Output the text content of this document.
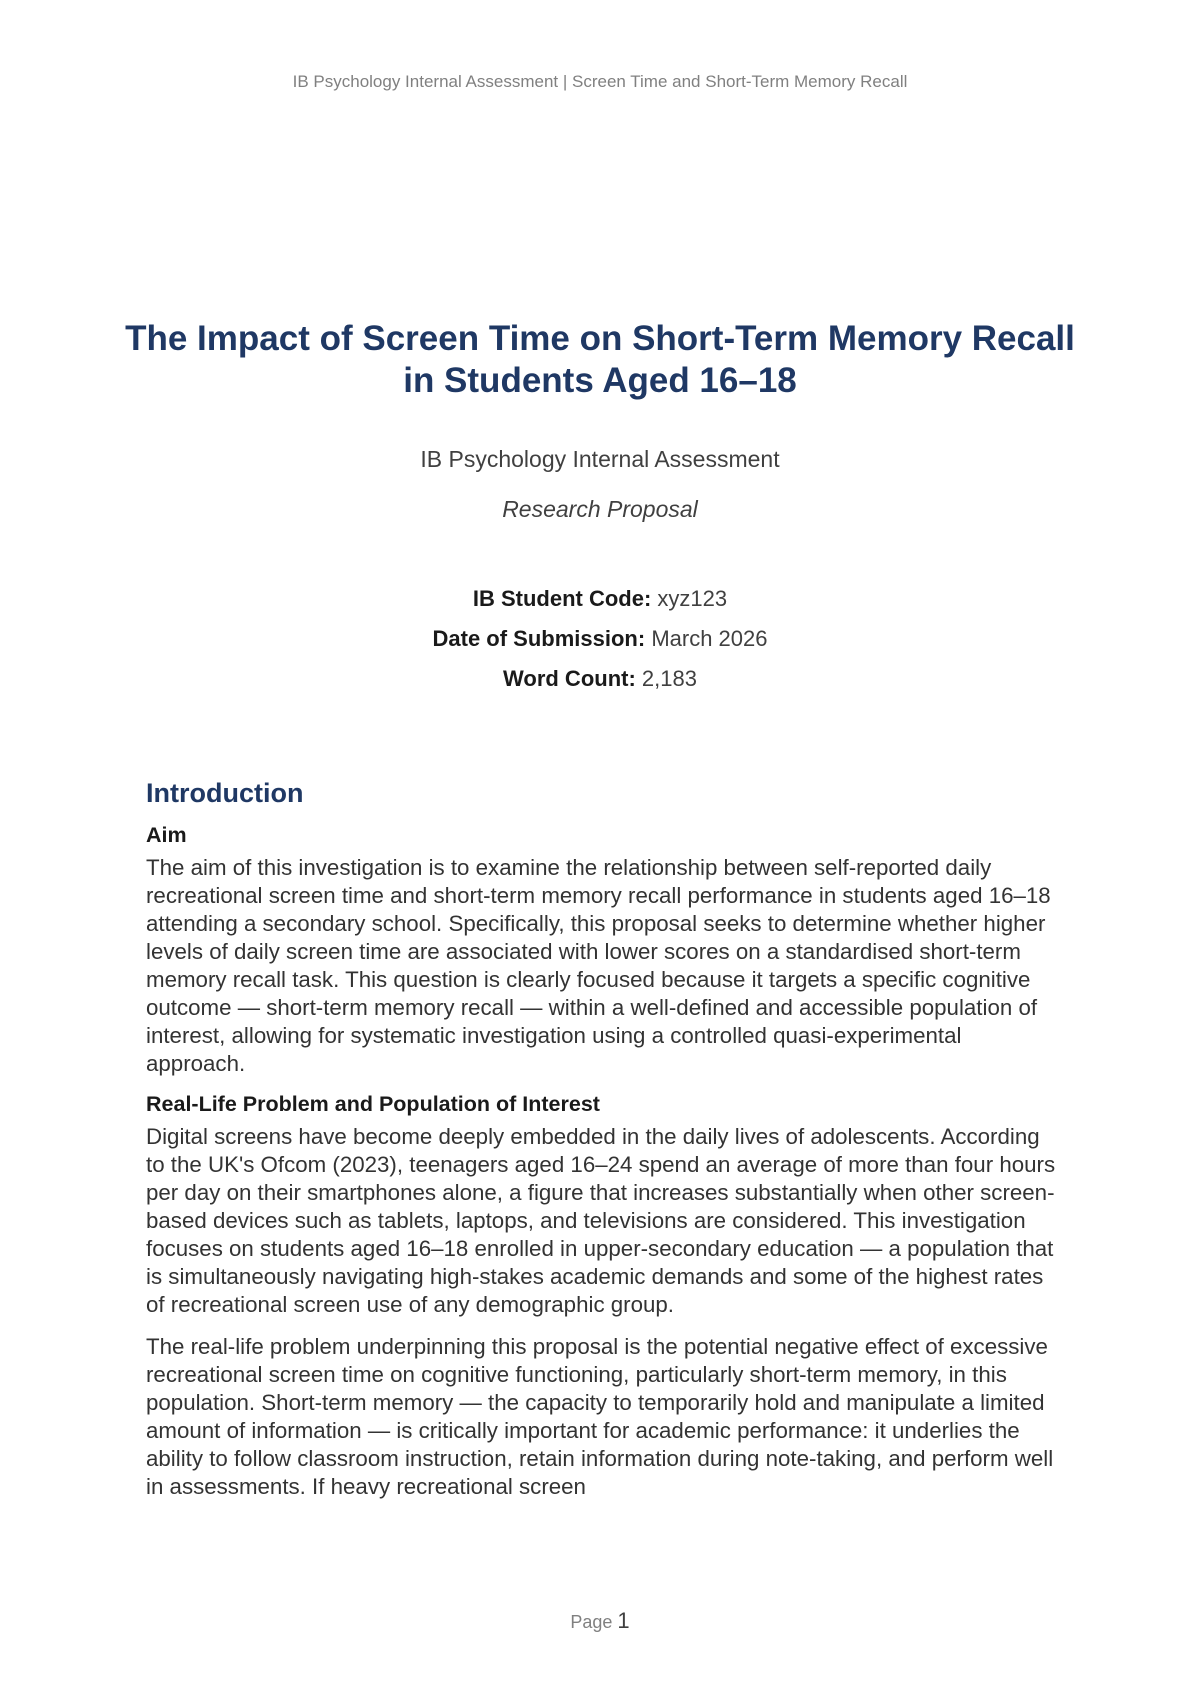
IB Psychology Internal Assessment | Screen Time and Short-Term Memory Recall
The Impact of Screen Time on Short-Term Memory Recall in Students Aged 16–18
IB Psychology Internal Assessment
Research Proposal
IB Student Code: xyz123
Date of Submission: March 2026
Word Count: 2,183
Introduction
Aim

The aim of this investigation is to examine the relationship between self-reported daily recreational screen time and short-term memory recall performance in students aged 16–18 attending a secondary school. Specifically, this proposal seeks to determine whether higher levels of daily screen time are associated with lower scores on a standardised short-term memory recall task. This question is clearly focused because it targets a specific cognitive outcome — short-term memory recall — within a well-defined and accessible population of interest, allowing for systematic investigation using a controlled quasi-experimental approach.

Real-Life Problem and Population of Interest

Digital screens have become deeply embedded in the daily lives of adolescents. According to the UK's Ofcom (2023), teenagers aged 16–24 spend an average of more than four hours per day on their smartphones alone, a figure that increases substantially when other screen-based devices such as tablets, laptops, and televisions are considered. This investigation focuses on students aged 16–18 enrolled in upper-secondary education — a population that is simultaneously navigating high-stakes academic demands and some of the highest rates of recreational screen use of any demographic group.

The real-life problem underpinning this proposal is the potential negative effect of excessive recreational screen time on cognitive functioning, particularly short-term memory, in this population. Short-term memory — the capacity to temporarily hold and manipulate a limited amount of information — is critically important for academic performance: it underlies the ability to follow classroom instruction, retain information during note-taking, and perform well in assessments. If heavy recreational screen

Page 1
